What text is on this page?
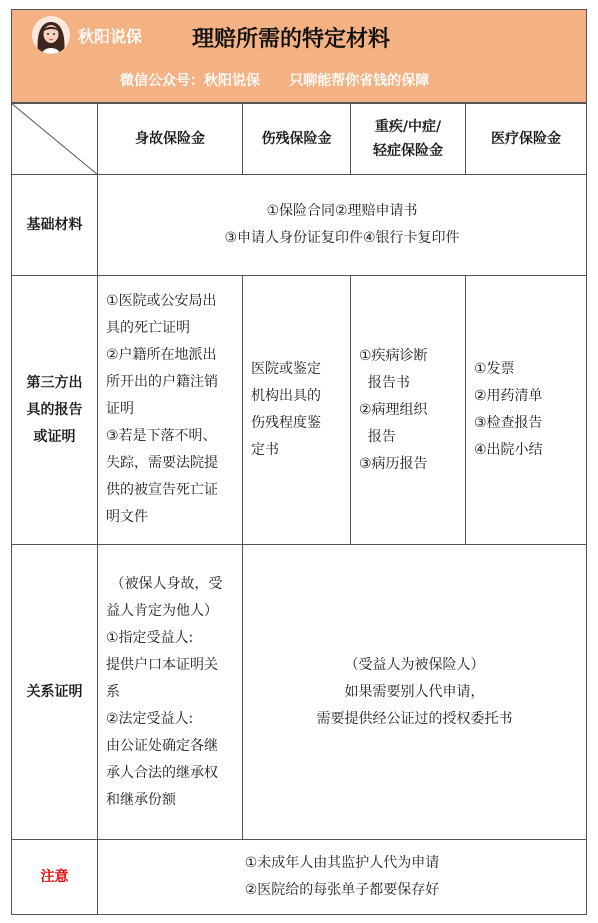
秋阳说保 理赔所需的特定材料
微信公众号：秋阳说保      只聊能帮你省钱的保障
身故保险金	伤残保险金
重疾/中症/
轻症保险金
医疗保险金
基础材料
①保险合同②理赔申请书
③申请人身份证复印件④银行卡复印件
第三方出
具的报告
或证明
①医院或公安局出
具的死亡证明
②户籍所在地派出
所开出的户籍注销
证明
③若是下落不明、
失踪，需要法院提
供的被宣告死亡证
明文件
医院或鉴定
机构出具的
伤残程度鉴
定书
①疾病诊断
报告书
②病理组织
报告
③病历报告
①发票
②用药清单
③检查报告
④出院小结
关系证明
（被保人身故，受
益人肯定为他人）
①指定受益人:
提供户口本证明关
系
②法定受益人:
由公证处确定各继
承人合法的继承权
和继承份额
（受益人为被保险人）
如果需要别人代申请，
需要提供经公证过的授权委托书
注意
①未成年人由其监护人代为申请
②医院给的每张单子都要保存好
